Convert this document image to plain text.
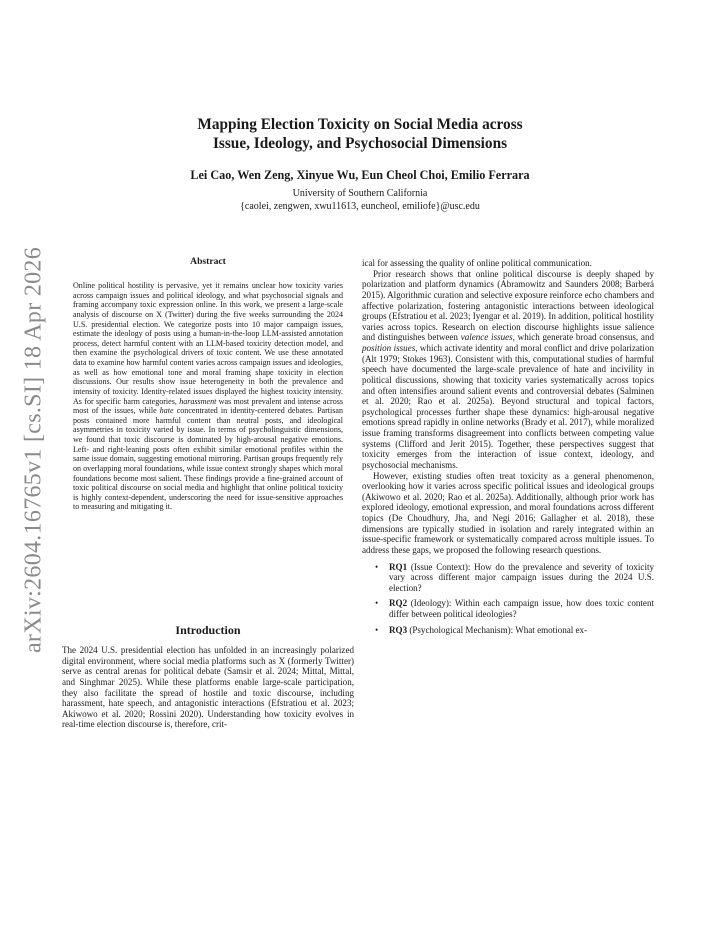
arXiv:2604.16765v1 [cs.SI] 18 Apr 2026
Mapping Election Toxicity on Social Media across
Issue, Ideology, and Psychosocial Dimensions
Lei Cao, Wen Zeng, Xinyue Wu, Eun Cheol Choi, Emilio Ferrara
University of Southern California
{caolei, zengwen, xwu11613, euncheol, emiliofe}@usc.edu
Abstract
Online political hostility is pervasive, yet it remains unclear how toxicity varies across campaign issues and political ideology, and what psychosocial signals and framing accompany toxic expression online. In this work, we present a large-scale analysis of discourse on X (Twitter) during the five weeks surrounding the 2024 U.S. presidential election. We categorize posts into 10 major campaign issues, estimate the ideology of posts using a human-in-the-loop LLM-assisted annotation process, detect harmful content with an LLM-based toxicity detection model, and then examine the psychological drivers of toxic content. We use these annotated data to examine how harmful content varies across campaign issues and ideologies, as well as how emotional tone and moral framing shape toxicity in election discussions. Our results show issue heterogeneity in both the prevalence and intensity of toxicity. Identity-related issues displayed the highest toxicity intensity. As for specific harm categories, harassment was most prevalent and intense across most of the issues, while hate concentrated in identity-centered debates. Partisan posts contained more harmful content than neutral posts, and ideological asymmetries in toxicity varied by issue. In terms of psycholinguistic dimensions, we found that toxic discourse is dominated by high-arousal negative emotions. Left- and right-leaning posts often exhibit similar emotional profiles within the same issue domain, suggesting emotional mirroring. Partisan groups frequently rely on overlapping moral foundations, while issue context strongly shapes which moral foundations become most salient. These findings provide a fine-grained account of toxic political discourse on social media and highlight that online political toxicity is highly context-dependent, underscoring the need for issue-sensitive approaches to measuring and mitigating it.
Introduction

The 2024 U.S. presidential election has unfolded in an increasingly polarized digital environment, where social media platforms such as X (formerly Twitter) serve as central arenas for political debate (Samsir et al. 2024; Mittal, Mittal, and Singhmar 2025). While these platforms enable large-scale participation, they also facilitate the spread of hostile and toxic discourse, including harassment, hate speech, and antagonistic interactions (Efstratiou et al. 2023; Akiwowo et al. 2020; Rossini 2020). Understanding how toxicity evolves in real-time election discourse is, therefore, crit-

ical for assessing the quality of online political communication.

Prior research shows that online political discourse is deeply shaped by polarization and platform dynamics (Abramowitz and Saunders 2008; Barberá 2015). Algorithmic curation and selective exposure reinforce echo chambers and affective polarization, fostering antagonistic interactions between ideological groups (Efstratiou et al. 2023; Iyengar et al. 2019). In addition, political hostility varies across topics. Research on election discourse highlights issue salience and distinguishes between valence issues, which generate broad consensus, and position issues, which activate identity and moral conflict and drive polarization (Alt 1979; Stokes 1963). Consistent with this, computational studies of harmful speech have documented the large-scale prevalence of hate and incivility in political discussions, showing that toxicity varies systematically across topics and often intensifies around salient events and controversial debates (Salminen et al. 2020; Rao et al. 2025a). Beyond structural and topical factors, psychological processes further shape these dynamics: high-arousal negative emotions spread rapidly in online networks (Brady et al. 2017), while moralized issue framing transforms disagreement into conflicts between competing value systems (Clifford and Jerit 2015). Together, these perspectives suggest that toxicity emerges from the interaction of issue context, ideology, and psychosocial mechanisms.

However, existing studies often treat toxicity as a general phenomenon, overlooking how it varies across specific political issues and ideological groups (Akiwowo et al. 2020; Rao et al. 2025a). Additionally, although prior work has explored ideology, emotional expression, and moral foundations across different topics (De Choudhury, Jha, and Negi 2016; Gallagher et al. 2018), these dimensions are typically studied in isolation and rarely integrated within an issue-specific framework or systematically compared across multiple issues. To address these gaps, we proposed the following research questions.

• RQ1 (Issue Context): How do the prevalence and severity of toxicity vary across different major campaign issues during the 2024 U.S. election?
• RQ2 (Ideology): Within each campaign issue, how does toxic content differ between political ideologies?
• RQ3 (Psychological Mechanism): What emotional ex-
